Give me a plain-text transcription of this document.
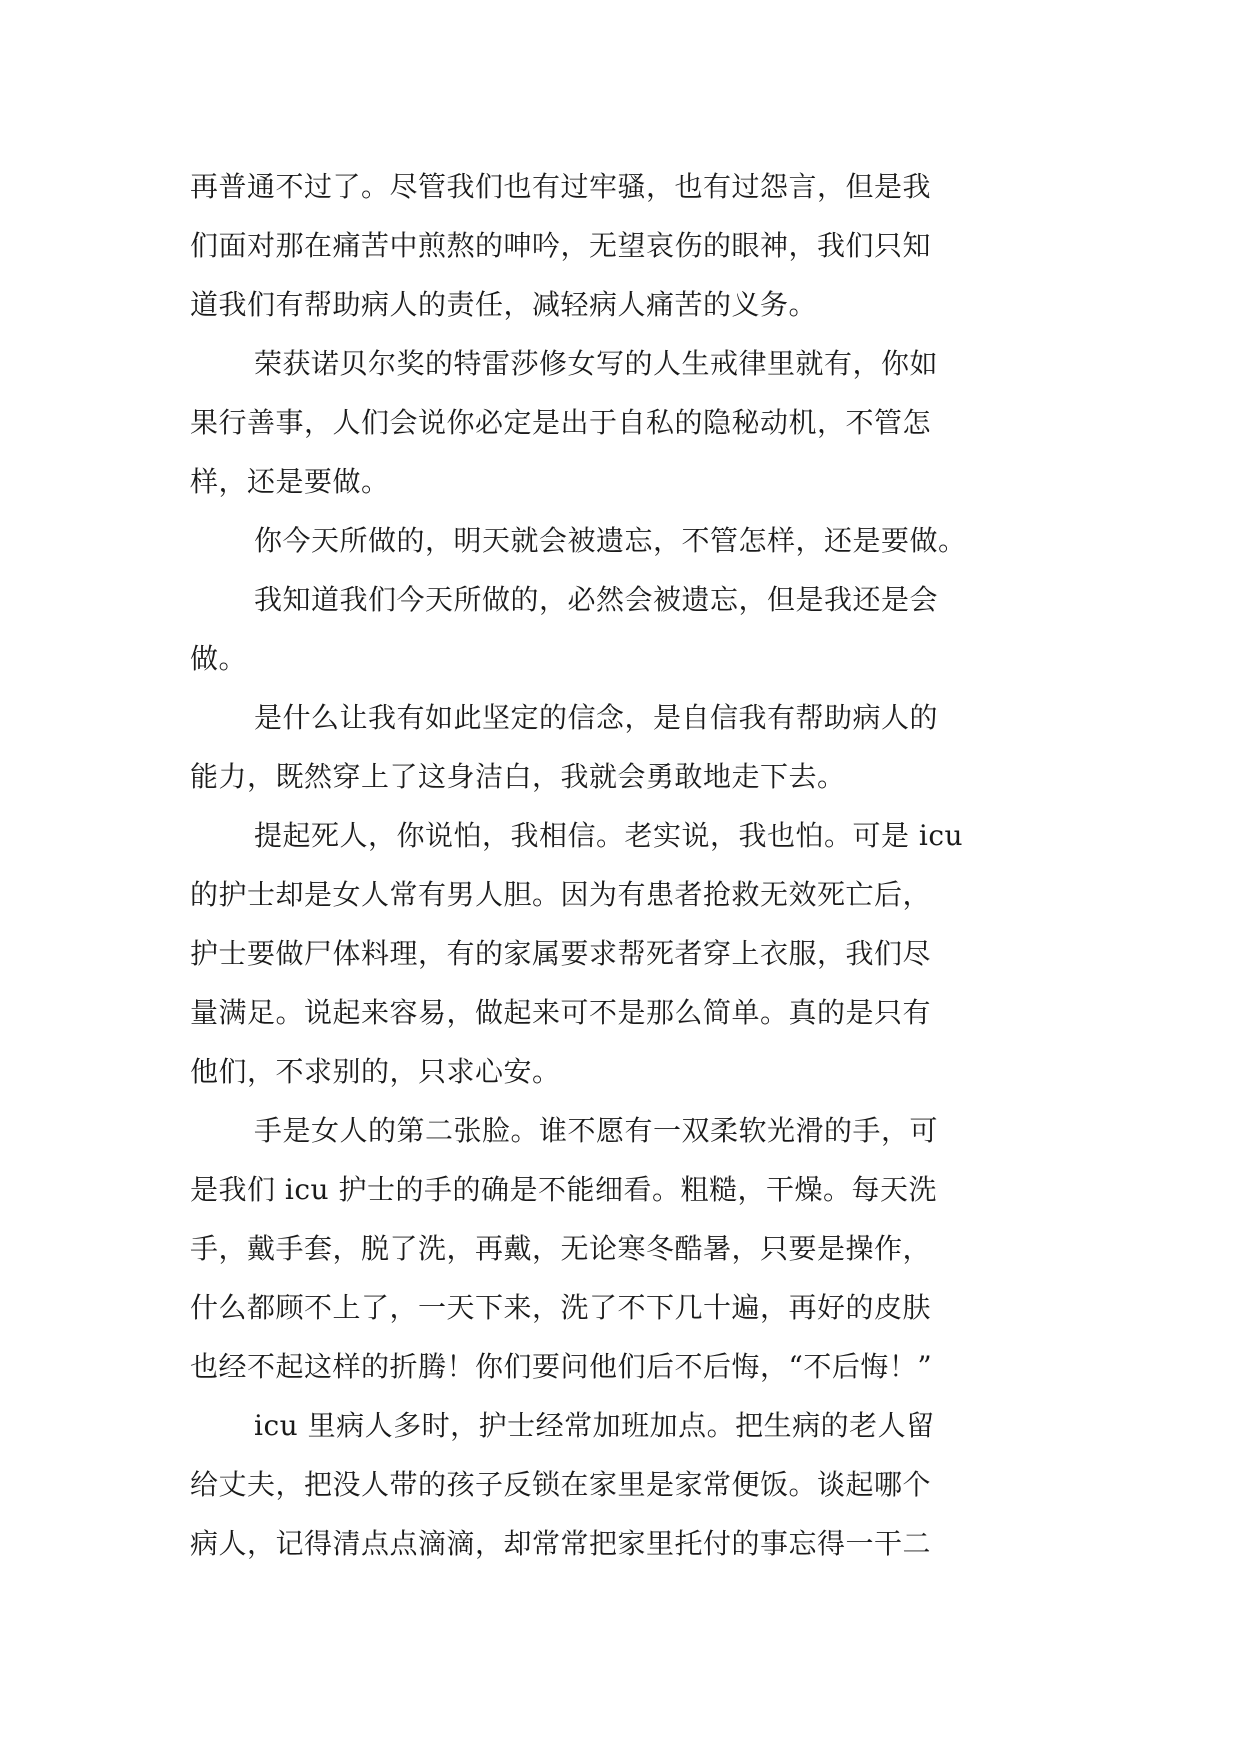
再普通不过了。尽管我们也有过牢骚，也有过怨言，但是我
们面对那在痛苦中煎熬的呻吟，无望哀伤的眼神，我们只知
道我们有帮助病人的责任，减轻病人痛苦的义务。
荣获诺贝尔奖的特雷莎修女写的人生戒律里就有，你如
果行善事，人们会说你必定是出于自私的隐秘动机，不管怎
样，还是要做。
你今天所做的，明天就会被遗忘，不管怎样，还是要做。
我知道我们今天所做的，必然会被遗忘，但是我还是会
做。
是什么让我有如此坚定的信念，是自信我有帮助病人的
能力，既然穿上了这身洁白，我就会勇敢地走下去。
提起死人，你说怕，我相信。老实说，我也怕。可是 icu
的护士却是女人常有男人胆。因为有患者抢救无效死亡后，
护士要做尸体料理，有的家属要求帮死者穿上衣服，我们尽
量满足。说起来容易，做起来可不是那么简单。真的是只有
他们，不求别的，只求心安。
手是女人的第二张脸。谁不愿有一双柔软光滑的手，可
是我们 icu 护士的手的确是不能细看。粗糙，干燥。每天洗
手，戴手套，脱了洗，再戴，无论寒冬酷暑，只要是操作，
什么都顾不上了，一天下来，洗了不下几十遍，再好的皮肤
也经不起这样的折腾！你们要问他们后不后悔，“不后悔！”
icu 里病人多时，护士经常加班加点。把生病的老人留
给丈夫，把没人带的孩子反锁在家里是家常便饭。谈起哪个
病人，记得清点点滴滴，却常常把家里托付的事忘得一干二
